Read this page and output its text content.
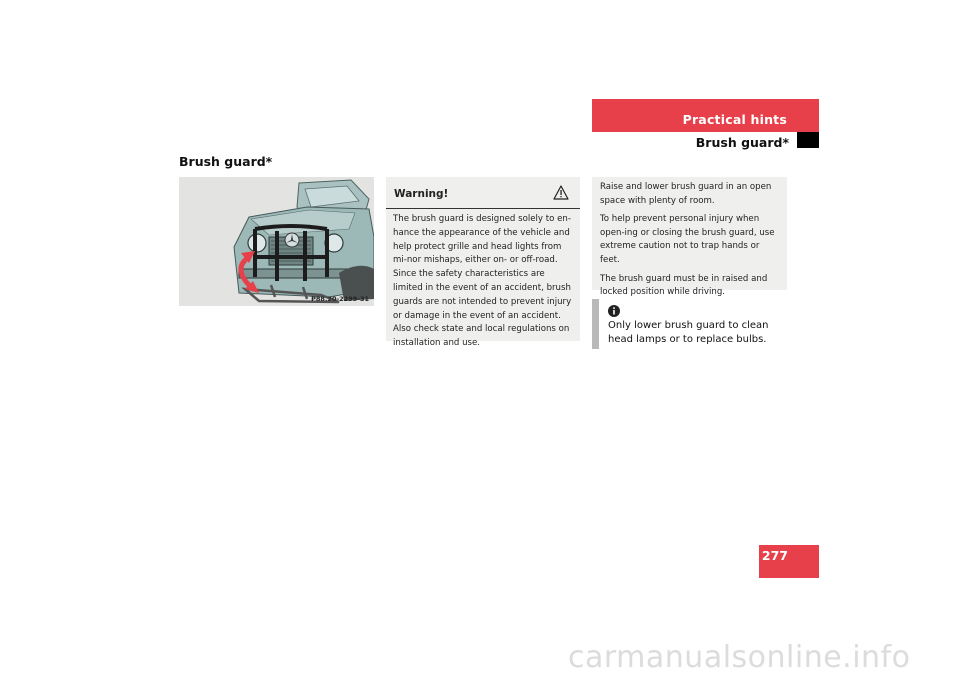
Practical hints
Brush guard*
Brush guard*
P88.20-2299-31
Warning!
The brush guard is designed solely to en-hance the appearance of the vehicle and help protect grille and head lights from mi-nor mishaps, either on- or off-road. Since the safety characteristics are limited in the event of an accident, brush guards are not intended to prevent injury or damage in the event of an accident. Also check state and local regulations on installation and use.

Raise and lower brush guard in an open space with plenty of room.

To help prevent personal injury when open-ing or closing the brush guard, use extreme caution not to trap hands or feet.

The brush guard must be in raised and locked position while driving.

Only lower brush guard to clean head lamps or to replace bulbs.
277
carmanualsonline.info
